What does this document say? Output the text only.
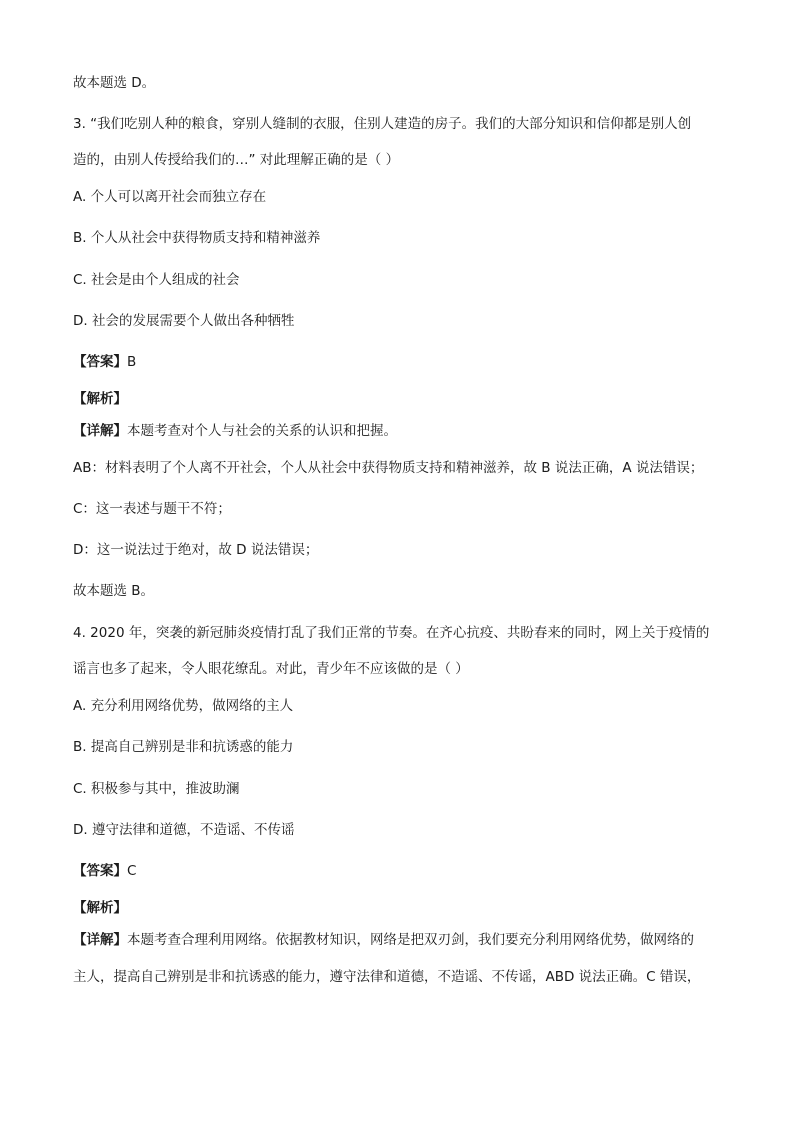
故本题选 D。
3. “我们吃别人种的粮食，穿别人缝制的衣服，住别人建造的房子。我们的大部分知识和信仰都是别人创
造的，由别人传授给我们的…” 对此理解正确的是（ ）
A. 个人可以离开社会而独立存在
B. 个人从社会中获得物质支持和精神滋养
C. 社会是由个人组成的社会
D. 社会的发展需要个人做出各种牺牲
【答案】B
【解析】
【详解】本题考查对个人与社会的关系的认识和把握。
AB：材料表明了个人离不开社会，个人从社会中获得物质支持和精神滋养，故 B 说法正确，A 说法错误；
C：这一表述与题干不符；
D：这一说法过于绝对，故 D 说法错误；
故本题选 B。
4. 2020 年，突袭的新冠肺炎疫情打乱了我们正常的节奏。在齐心抗疫、共盼春来的同时，网上关于疫情的
谣言也多了起来，令人眼花缭乱。对此，青少年不应该做的是（ ）
A. 充分利用网络优势，做网络的主人
B. 提高自己辨别是非和抗诱惑的能力
C. 积极参与其中，推波助澜
D. 遵守法律和道德，不造谣、不传谣
【答案】C
【解析】
【详解】本题考查合理利用网络。依据教材知识，网络是把双刃剑，我们要充分利用网络优势，做网络的
主人，提高自己辨别是非和抗诱惑的能力，遵守法律和道德，不造谣、不传谣，ABD 说法正确。C 错误，
